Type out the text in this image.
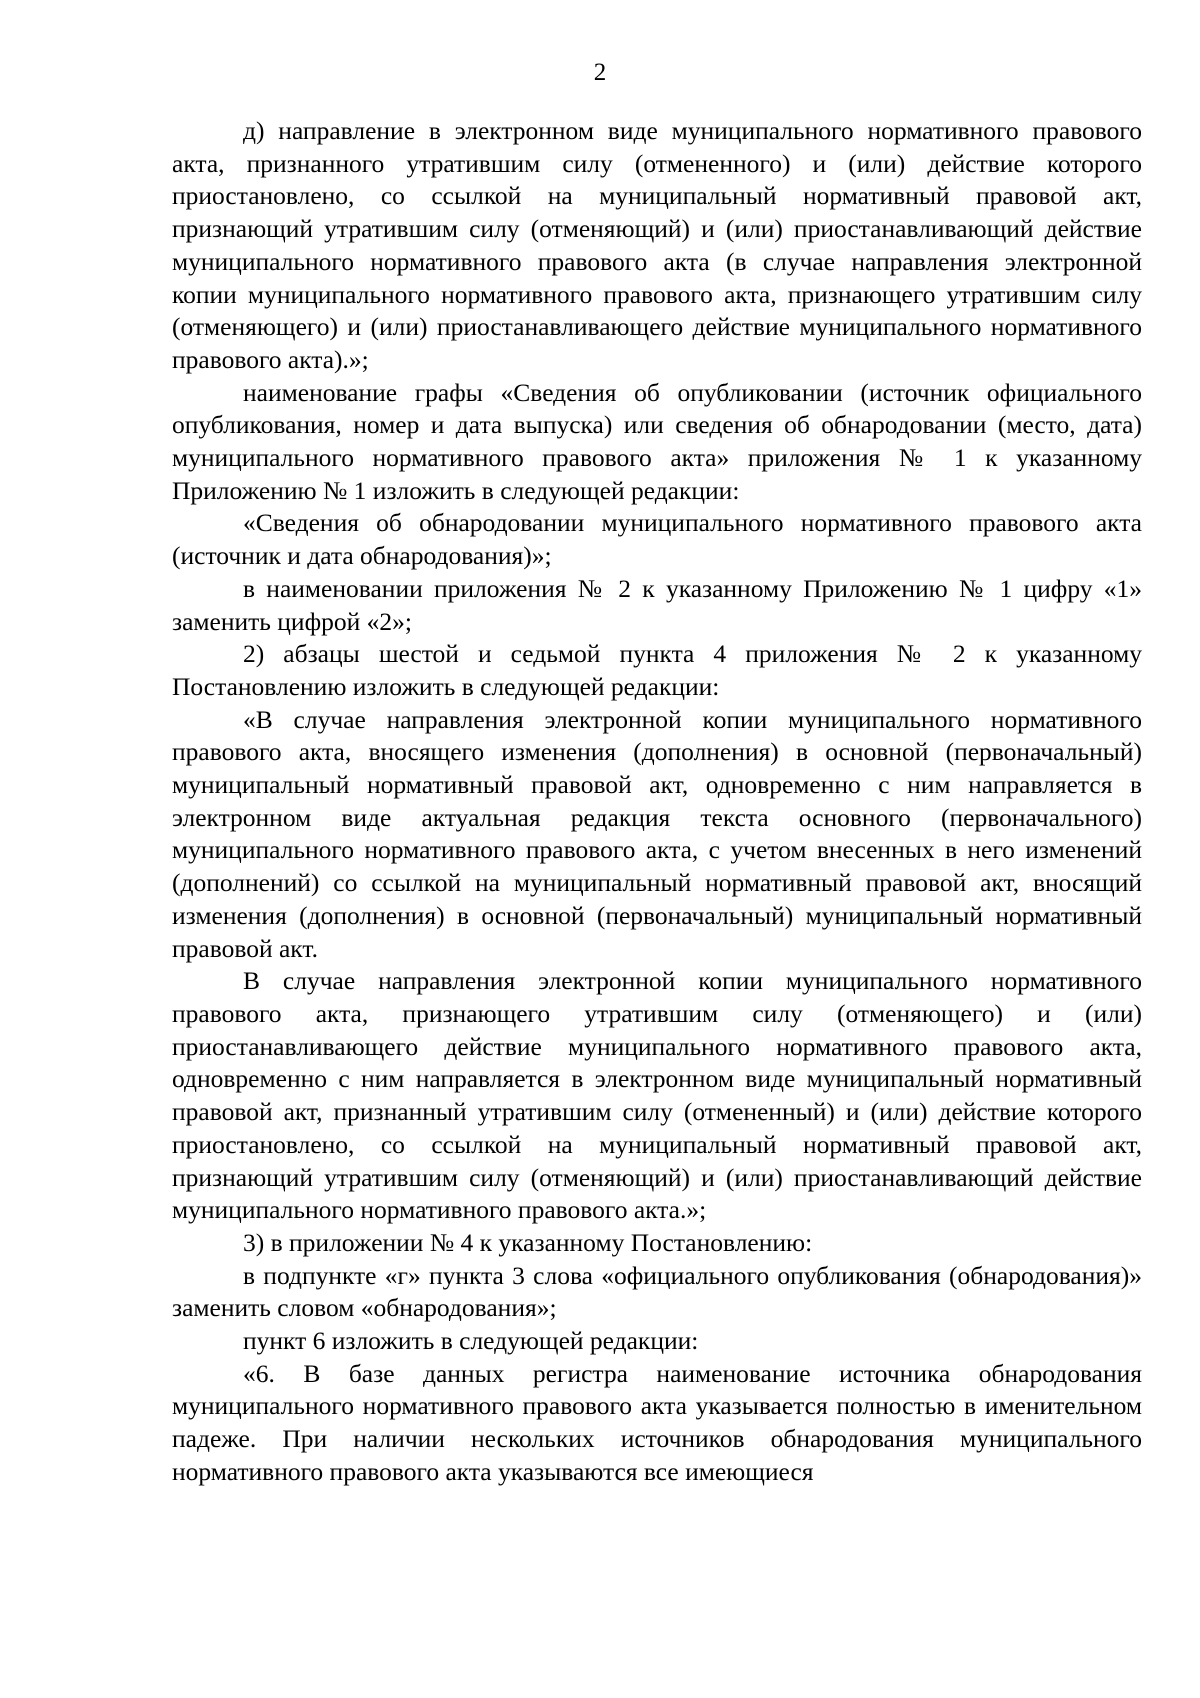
2

д) направление в электронном виде муниципального нормативного правового акта, признанного утратившим силу (отмененного) и (или) действие которого приостановлено, со ссылкой на муниципальный нормативный правовой акт, признающий утратившим силу (отменяющий) и (или) приостанавливающий действие муниципального нормативного правового акта (в случае направления электронной копии муниципального нормативного правового акта, признающего утратившим силу (отменяющего) и (или) приостанавливающего действие муниципального нормативного правового акта).»;

наименование графы «Сведения об опубликовании (источник официального опубликования, номер и дата выпуска) или сведения об обнародовании (место, дата) муниципального нормативного правового акта» приложения № 1 к указанному Приложению № 1 изложить в следующей редакции:

«Сведения об обнародовании муниципального нормативного правового акта (источник и дата обнародования)»;

в наименовании приложения № 2 к указанному Приложению № 1 цифру «1» заменить цифрой «2»;

2) абзацы шестой и седьмой пункта 4 приложения № 2 к указанному Постановлению изложить в следующей редакции:

«В случае направления электронной копии муниципального нормативного правового акта, вносящего изменения (дополнения) в основной (первоначальный) муниципальный нормативный правовой акт, одновременно с ним направляется в электронном виде актуальная редакция текста основного (первоначального) муниципального нормативного правового акта, с учетом внесенных в него изменений (дополнений) со ссылкой на муниципальный нормативный правовой акт, вносящий изменения (дополнения) в основной (первоначальный) муниципальный нормативный правовой акт.

В случае направления электронной копии муниципального нормативного правового акта, признающего утратившим силу (отменяющего) и (или) приостанавливающего действие муниципального нормативного правового акта, одновременно с ним направляется в электронном виде муниципальный нормативный правовой акт, признанный утратившим силу (отмененный) и (или) действие которого приостановлено, со ссылкой на муниципальный нормативный правовой акт, признающий утратившим силу (отменяющий) и (или) приостанавливающий действие муниципального нормативного правового акта.»;

3) в приложении № 4 к указанному Постановлению:

в подпункте «г» пункта 3 слова «официального опубликования (обнародования)» заменить словом «обнародования»;

пункт 6 изложить в следующей редакции:

«6. В базе данных регистра наименование источника обнародования муниципального нормативного правового акта указывается полностью в именительном падеже. При наличии нескольких источников обнародования муниципального нормативного правового акта указываются все имеющиеся
